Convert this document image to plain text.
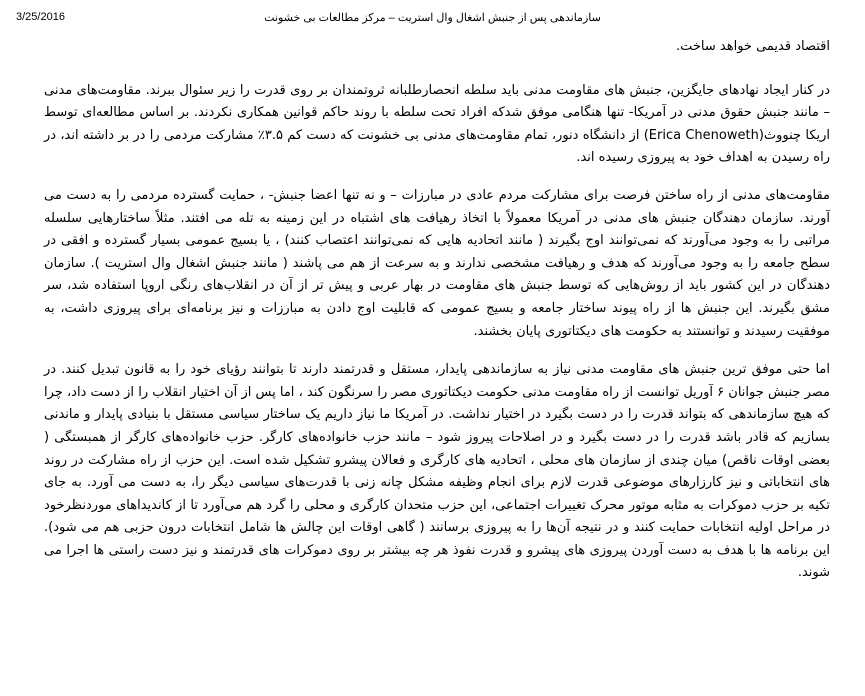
3/25/2016	سازماندهی پس از جنبش اشغال وال استریت – مرکز مطالعات بی خشونت

اقتصاد قدیمی خواهد ساخت.

در کنار ایجاد نهادهای جایگزین، جنبش های مقاومت مدنی باید سلطه انحصارطلبانه ثروتمندان بر روی قدرت را زیر سئوال ببرند. مقاومت‌های مدنی – مانند جنبش حقوق مدنی در آمریکا- تنها هنگامی موفق شدکه افراد تحت سلطه با روند حاکم قوانین همکاری نکردند. بر اساس مطالعه‌ای توسط اریکا چنووث(Erica Chenoweth) از دانشگاه دنور، تمام مقاومت‌های مدنی بی خشونت که دست کم ۳.۵٪ مشارکت مردمی را در بر داشته اند، در راه رسیدن به اهداف خود به پیروزی رسیده اند.

مقاومت‌های مدنی از راه ساختن فرصت برای مشارکت مردم عادی در مبارزات – و نه تنها اعضا جنبش- ، حمایت گسترده مردمی را به دست می آورند. سازمان دهندگان جنبش های مدنی در آمریکا معمولاً با اتخاذ رهیافت های اشتباه در این زمینه به تله می افتند. مثلاً ساختارهایی سلسله مراتبی را به وجود می‌آورند که نمی‌توانند اوج بگیرند ( مانند اتحادیه هایی که نمی‌توانند اعتصاب کنند) ، یا بسیج عمومی بسیار گسترده و افقی در سطح جامعه را به وجود می‌آورند که هدف و رهیافت مشخصی ندارند و به سرعت از هم می پاشند ( مانند جنبش اشغال وال استریت ). سازمان دهندگان در این کشور باید از روش‌هایی که توسط جنبش های مقاومت در بهار عربی و پیش تر از آن در انقلاب‌های رنگی اروپا استفاده شد، سر مشق بگیرند. این جنبش ها از راه پیوند ساختار جامعه و بسیج عمومی که قابلیت اوج دادن به مبارزات و نیز برنامه‌ای برای پیروزی داشت، به موفقیت رسیدند و توانستند به حکومت های دیکتاتوری پایان بخشند.

اما حتی موفق ترین جنبش های مقاومت مدنی نیاز به سازماندهی پایدار، مستقل و قدرتمند دارند تا بتوانند رؤیای خود را به قانون تبدیل کنند. در مصر جنبش جوانان ۶ آوریل توانست از راه مقاومت مدنی حکومت دیکتاتوری مصر را سرنگون کند ، اما پس از آن اختیار انقلاب را از دست داد، چرا که هیچ سازماندهی که بتواند قدرت را در دست بگیرد در اختیار نداشت. در آمریکا ما نیاز داریم یک ساختار سیاسی مستقل با بنیادی پایدار و ماندنی بسازیم که قادر باشد قدرت را در دست بگیرد و در اصلاحات پیروز شود – مانند حزب خانواده‌های کارگر. حزب خانواده‌های کارگر از همبستگی ( بعضی اوقات ناقص) میان چندی از سازمان های محلی ، اتحادیه های کارگری و فعالان پیشرو تشکیل شده است. این حزب از راه مشارکت در روند های انتخاباتی و نیز کارزارهای موضوعی قدرت لازم برای انجام وظیفه مشکل چانه زنی با قدرت‌های سیاسی دیگر را، به دست می آورد. به جای تکیه بر حزب دموکرات به مثابه موتور محرک تغییرات اجتماعی، این حزب متحدان کارگری و محلی را گرد هم می‌آورد تا از کاندیداهای موردنظرخود در مراحل اولیه انتخابات حمایت کنند و در نتیجه آن‌ها را به پیروزی برسانند ( گاهی اوقات این چالش ها شامل انتخابات درون حزبی هم می شود). این برنامه ها با هدف به دست آوردن پیروزی های پیشرو و قدرت نفوذ هر چه بیشتر بر روی دموکرات های قدرتمند و نیز دست راستی ها اجرا می شوند.
